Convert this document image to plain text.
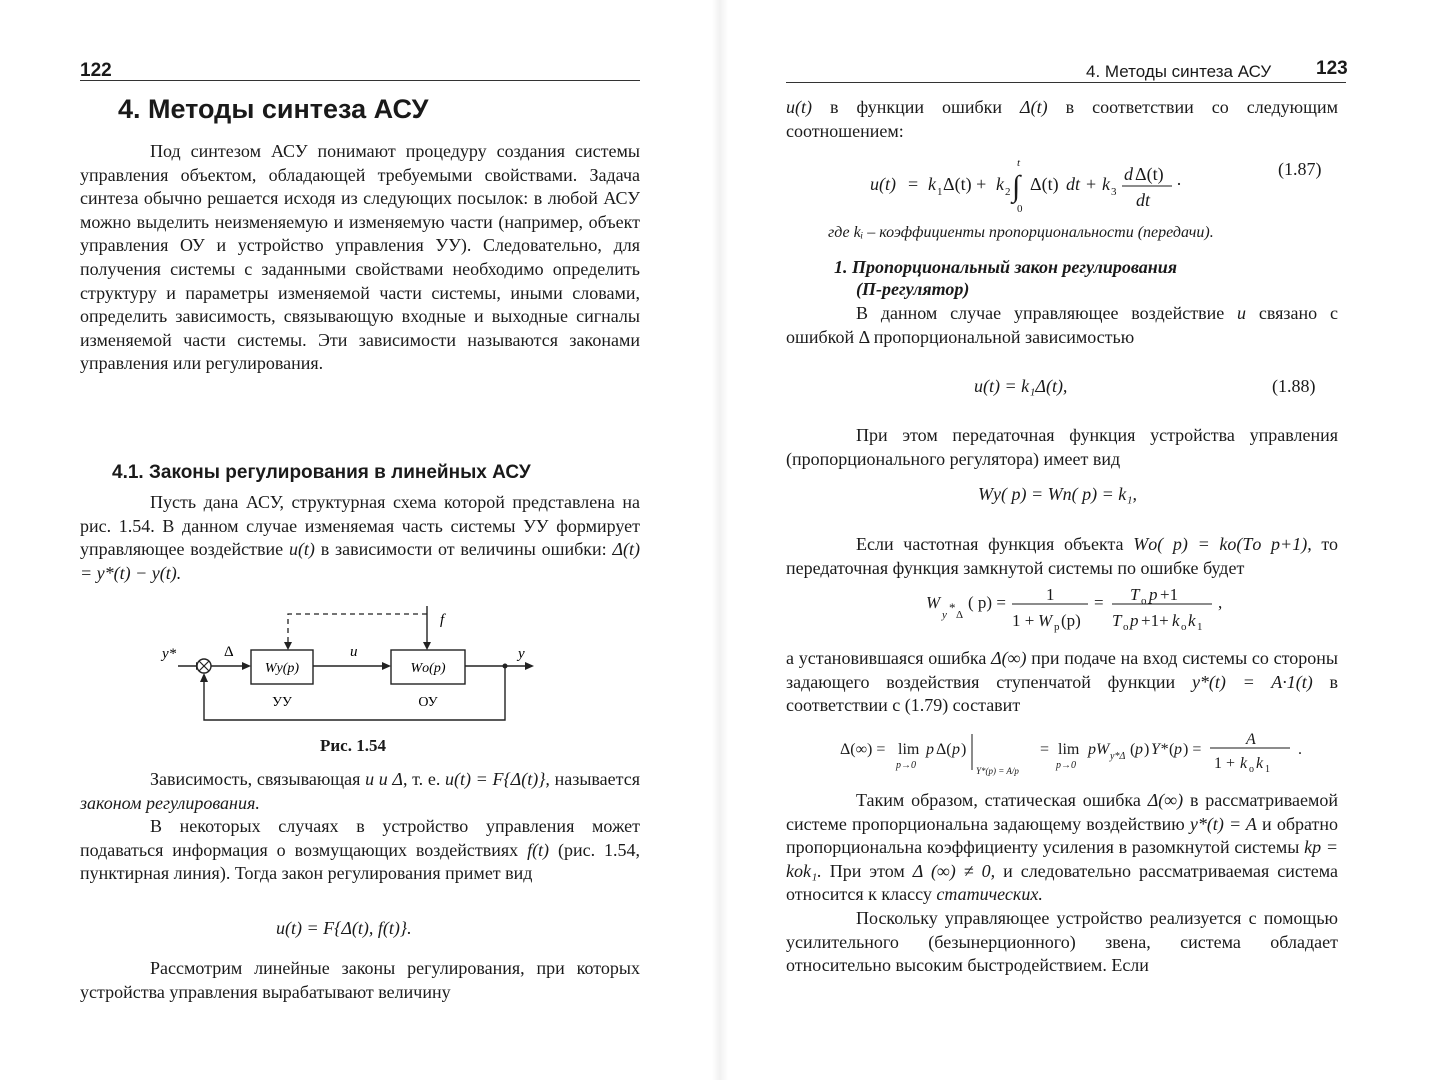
122
4. Методы синтеза АСУ

Под синтезом АСУ понимают процедуру создания системы управления объектом, обладающей требуемыми свойствами. Задача синтеза обычно решается исходя из следующих посылок: в любой АСУ можно выделить неизменяемую и изменяемую части (например, объект управления ОУ и устройство управления УУ). Следовательно, для получения системы с заданными свойствами необходимо определить структуру и параметры изменяемой части системы, иными словами, определить зависимость, связывающую входные и выходные сигналы изменяемой части системы. Эти зависимости называются законами управления или регулирования.

4.1. Законы регулирования в линейных АСУ

Пусть дана АСУ, структурная схема которой представлена на рис. 1.54. В данном случае изменяемая часть системы УУ формирует управляющее воздействие u(t) в зависимости от величины ошибки: Δ(t) = y*(t) − y(t).

y*	Δ
Wу(p)
УУ
u
Wо(p)
ОУ
f
y
Рис. 1.54

Зависимость, связывающая u и Δ, т. е. u(t) = F{Δ(t)}, называется законом регулирования.

В некоторых случаях в устройство управления может подаваться информация о возмущающих воздействиях f(t) (рис. 1.54, пунктирная линия). Тогда закон регулирования примет вид

u(t) = F{Δ(t), f(t)}.

Рассмотрим линейные законы регулирования, при которых устройства управления вырабатывают величину

4. Методы синтеза АСУ 123

u(t) в функции ошибки Δ(t) в соответствии со следующим соотношением:

u(t) = k 1 Δ(t) + k 2 ∫
t
0
Δ(t) dt + k 3
d Δ(t)
dt
·
(1.87)
где kᵢ – коэффициенты пропорциональности (передачи).
1. Пропорциональный закон регулирования
(П-регулятор)

В данном случае управляющее воздействие u связано с ошибкой Δ пропорциональной зависимостью

u(t) = k₁Δ(t),	(1.88)

При этом передаточная функция устройства управления (пропорционального регулятора) имеет вид

Wу( p) = Wп( p) = k₁,

Если частотная функция объекта Wо( p) = kо(Tо p+1), то передаточная функция замкнутой системы по ошибке будет

W
y * Δ
( p) = 1
1 + W р (p)
= T o p +1
T o p +1+ k о k 1
,

а установившаяся ошибка Δ(∞) при подаче на вход системы со стороны задающего воздействия ступенчатой функции y*(t) = A·1(t) в соответствии с (1.79) составит

Δ(∞) = lim
p→0
p Δ( p )
Y*(p) = A/p
= lim
p→0
pW y*Δ ( p ) Y* ( p ) =
A
1 + k o k 1
.

Таким образом, статическая ошибка Δ(∞) в рассматриваемой системе пропорциональна задающему воздействию y*(t) = A и обратно пропорциональна коэффициенту усиления в разомкнутой системы kр = kоk₁. При этом Δ (∞) ≠ 0, и следовательно рассматриваемая система относится к классу статических.

Поскольку управляющее устройство реализуется с помощью усилительного (безынерционного) звена, система обладает относительно высоким быстродействием. Если
